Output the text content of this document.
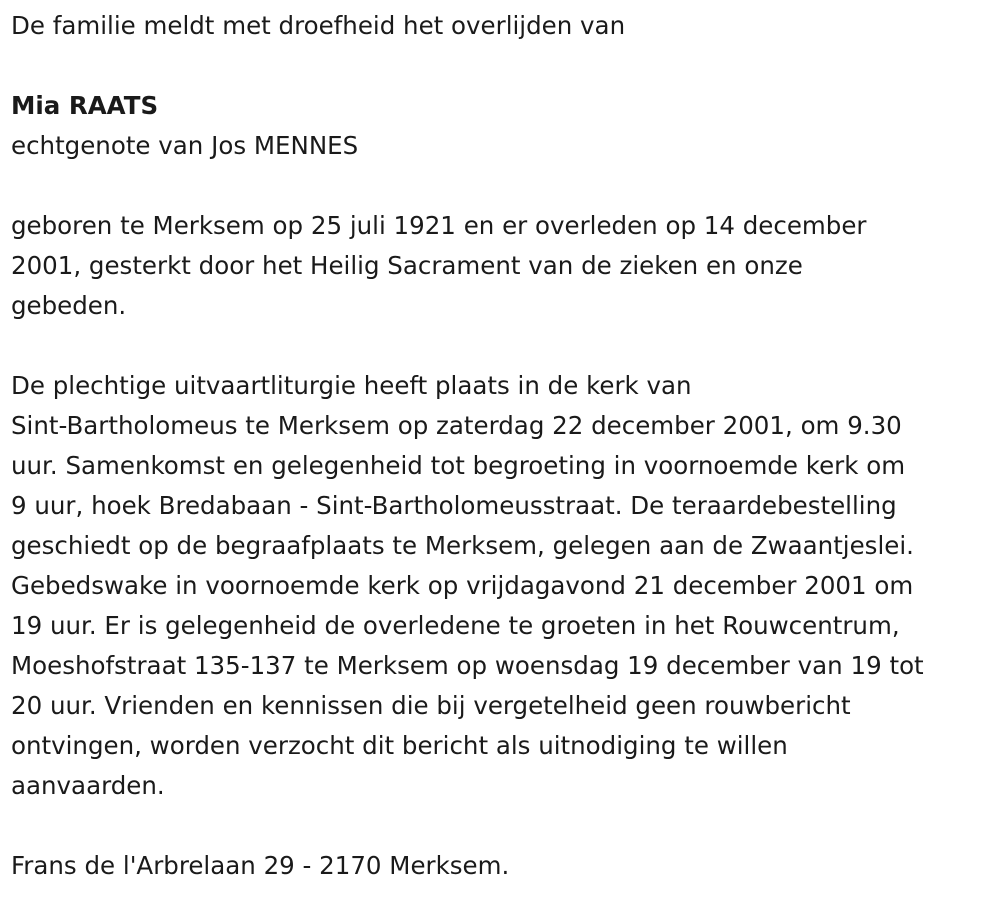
De familie meldt met droefheid het overlijden van

Mia RAATS

echtgenote van Jos MENNES

geboren te Merksem op 25 juli 1921 en er overleden op 14 december

2001, gesterkt door het Heilig Sacrament van de zieken en onze

gebeden.

De plechtige uitvaartliturgie heeft plaats in de kerk van

Sint-Bartholomeus te Merksem op zaterdag 22 december 2001, om 9.30

uur. Samenkomst en gelegenheid tot begroeting in voornoemde kerk om

9 uur, hoek Bredabaan - Sint-Bartholomeusstraat. De teraardebestelling

geschiedt op de begraafplaats te Merksem, gelegen aan de Zwaantjeslei.

Gebedswake in voornoemde kerk op vrijdagavond 21 december 2001 om

19 uur. Er is gelegenheid de overledene te groeten in het Rouwcentrum,

Moeshofstraat 135-137 te Merksem op woensdag 19 december van 19 tot

20 uur. Vrienden en kennissen die bij vergetelheid geen rouwbericht

ontvingen, worden verzocht dit bericht als uitnodiging te willen

aanvaarden.

Frans de l'Arbrelaan 29 - 2170 Merksem.
